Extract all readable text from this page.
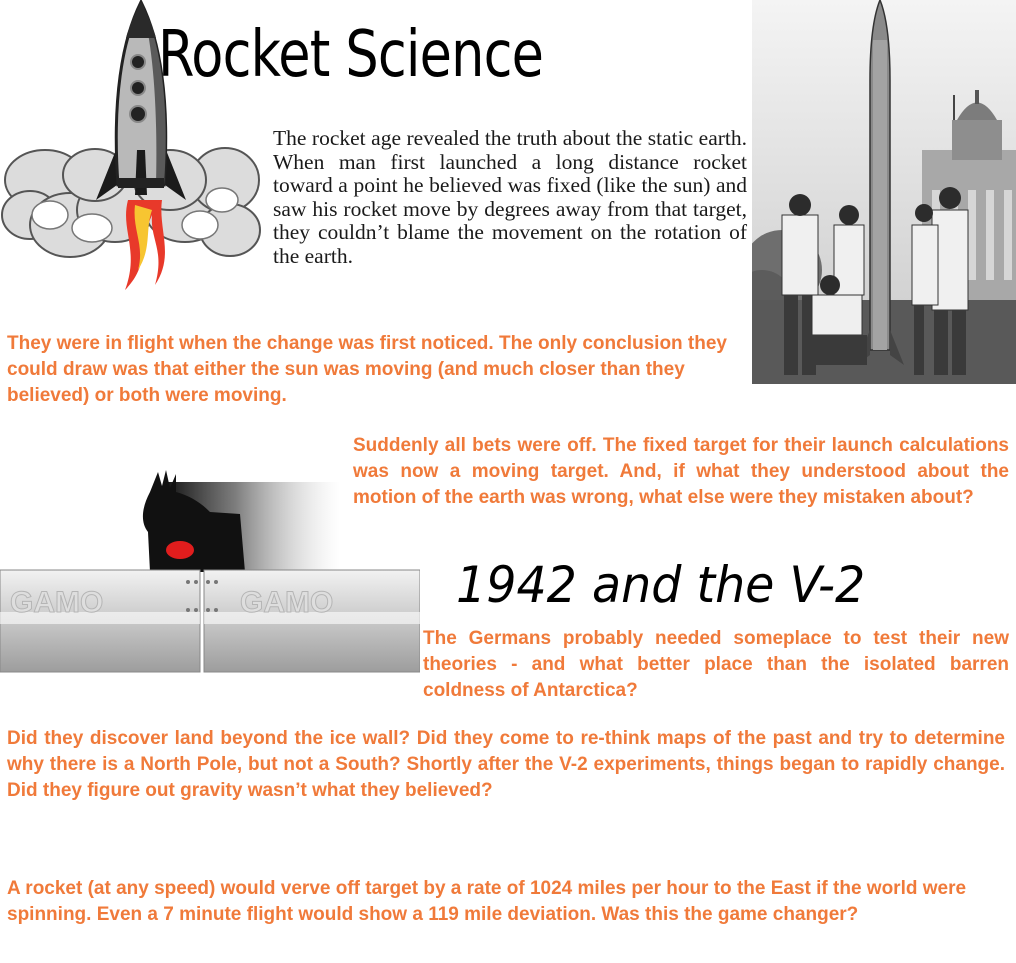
Rocket Science

The rocket age revealed the truth about the static earth. When man first launched a long distance rocket toward a point he believed was fixed (like the sun) and saw his rocket move by degrees away from that target, they couldn’t blame the movement on the rotation of the earth.

They were in flight when the change was first noticed. The only conclusion they could draw was that either the sun was moving (and much closer than they believed) or both were moving.

GAMO	GAMO

Suddenly all bets were off. The fixed target for their launch calculations was now a moving target. And, if what they understood about the motion of the earth was wrong, what else were they mistaken about?

1942 and the V-2

The Germans probably needed someplace to test their new theories - and what better place than the isolated barren coldness of Antarctica?

Did they discover land beyond the ice wall? Did they come to re-think maps of the past and try to determine why there is a North Pole, but not a South? Shortly after the V-2 experiments, things began to rapidly change. Did they figure out gravity wasn’t what they believed?

A rocket (at any speed) would verve off target by a rate of 1024 miles per hour to the East if the world were spinning. Even a 7 minute flight would show a 119 mile deviation. Was this the game changer?
